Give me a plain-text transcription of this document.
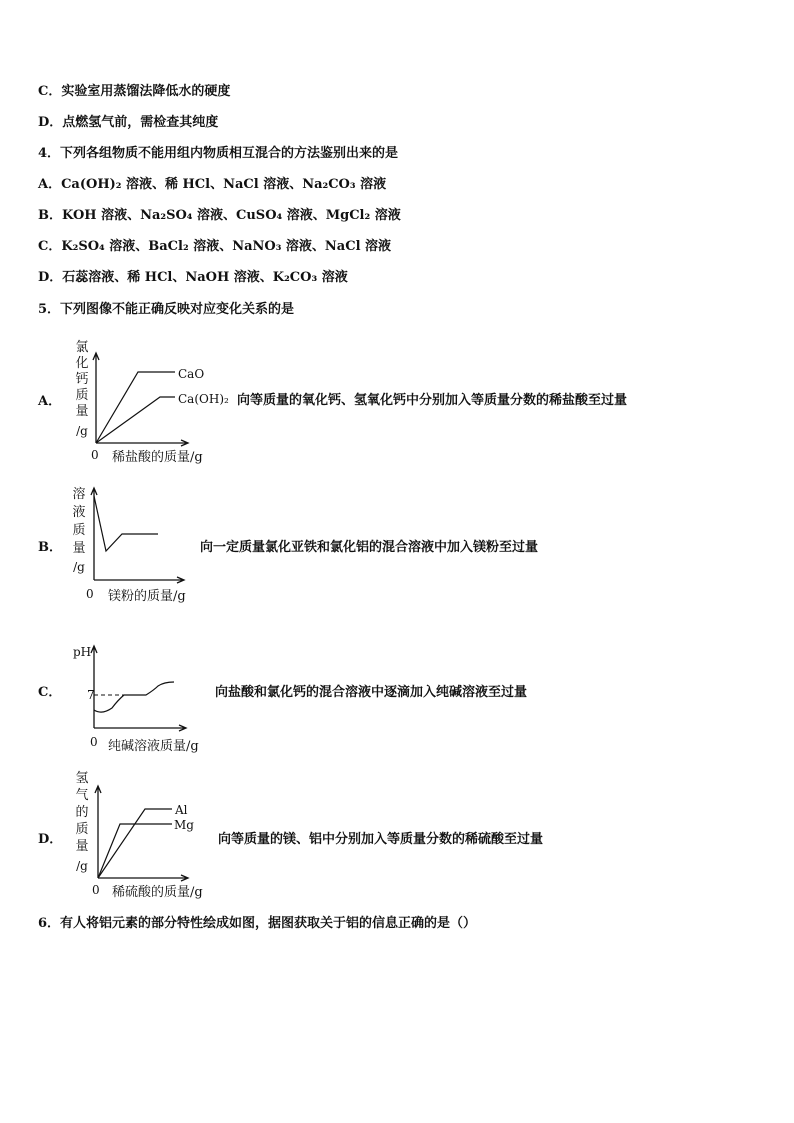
C．实验室用蒸馏法降低水的硬度
D．点燃氢气前，需检查其纯度
4．下列各组物质不能用组内物质相互混合的方法鉴别出来的是
A．Ca(OH)₂ 溶液、稀 HCl、NaCl 溶液、Na₂CO₃ 溶液
B．KOH 溶液、Na₂SO₄ 溶液、CuSO₄ 溶液、MgCl₂ 溶液
C．K₂SO₄ 溶液、BaCl₂ 溶液、NaNO₃ 溶液、NaCl 溶液
D．石蕊溶液、稀 HCl、NaOH 溶液、K₂CO₃ 溶液
5．下列图像不能正确反映对应变化关系的是
A．
氯
化
钙
质
量
/g
CaO
Ca(OH)₂
0 稀盐酸的质量/g
向等质量的氧化钙、氢氧化钙中分别加入等质量分数的稀盐酸至过量
B．
溶
液
质
量
/g
0 镁粉的质量/g
向一定质量氯化亚铁和氯化铝的混合溶液中加入镁粉至过量
C．
pH
7
0 纯碱溶液质量/g
向盐酸和氯化钙的混合溶液中逐滴加入纯碱溶液至过量
D．
氢
气
的
质
量
/g
Al
Mg
0 稀硫酸的质量/g
向等质量的镁、铝中分别加入等质量分数的稀硫酸至过量
6．有人将铝元素的部分特性绘成如图，据图获取关于铝的信息正确的是（）
